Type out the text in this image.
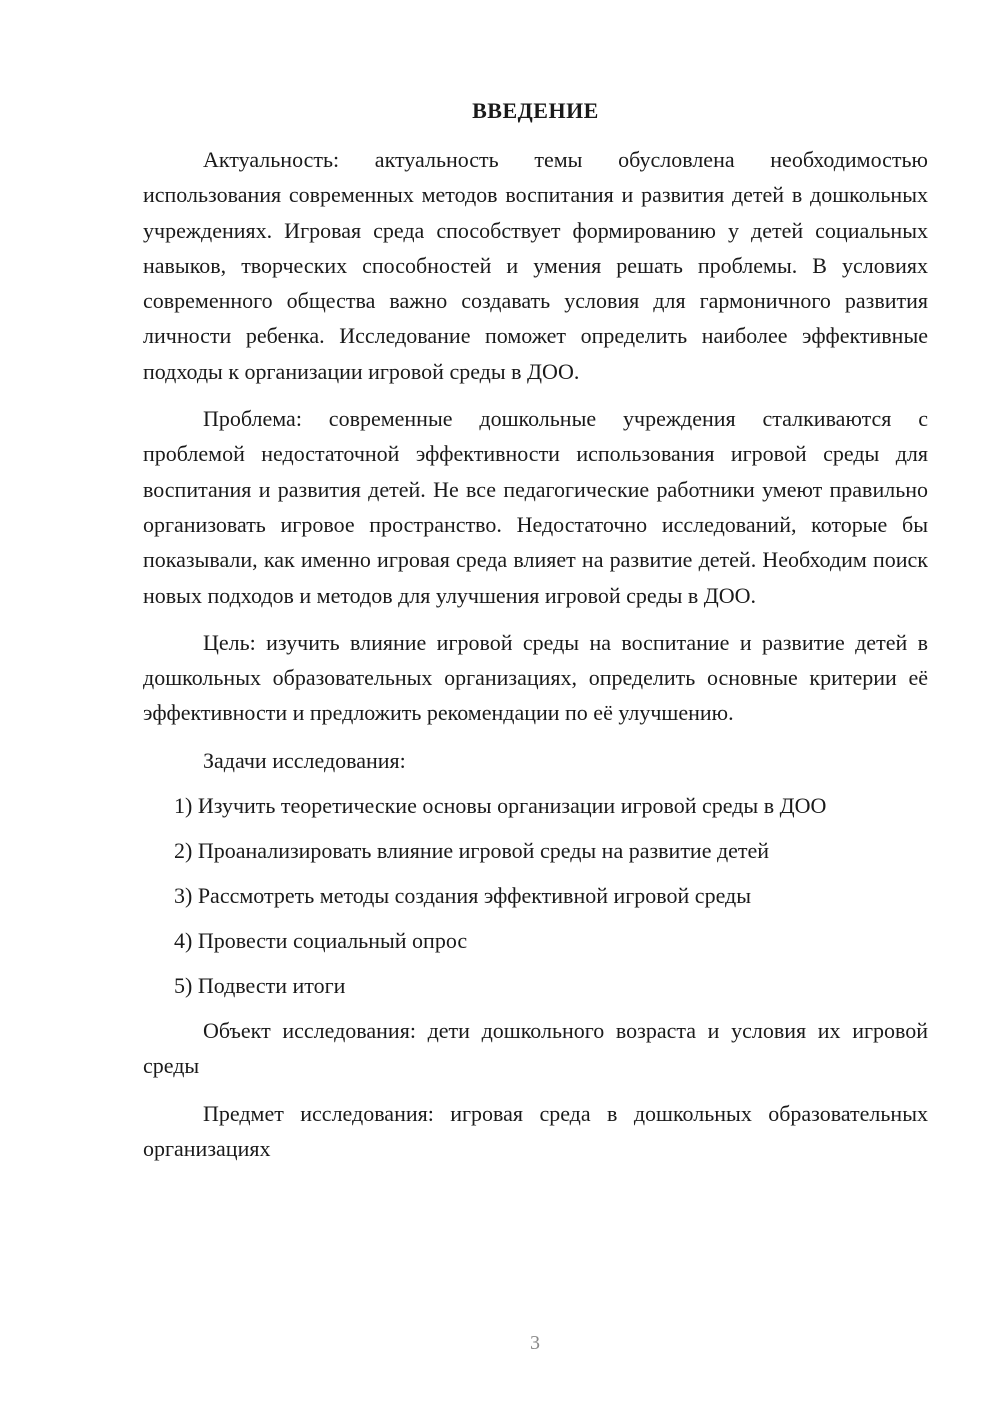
ВВЕДЕНИЕ

Актуальность: актуальность темы обусловлена необходимостью использования современных методов воспитания и развития детей в дошкольных учреждениях. Игровая среда способствует формированию у детей социальных навыков, творческих способностей и умения решать проблемы. В условиях современного общества важно создавать условия для гармоничного развития личности ребенка. Исследование поможет определить наиболее эффективные подходы к организации игровой среды в ДОО.

Проблема: современные дошкольные учреждения сталкиваются с проблемой недостаточной эффективности использования игровой среды для воспитания и развития детей. Не все педагогические работники умеют правильно организовать игровое пространство. Недостаточно исследований, которые бы показывали, как именно игровая среда влияет на развитие детей. Необходим поиск новых подходов и методов для улучшения игровой среды в ДОО.

Цель: изучить влияние игровой среды на воспитание и развитие детей в дошкольных образовательных организациях, определить основные критерии её эффективности и предложить рекомендации по её улучшению.

Задачи исследования:

1) Изучить теоретические основы организации игровой среды в ДОО

2) Проанализировать влияние игровой среды на развитие детей

3) Рассмотреть методы создания эффективной игровой среды

4) Провести социальный опрос

5) Подвести итоги

Объект исследования: дети дошкольного возраста и условия их игровой среды

Предмет исследования: игровая среда в дошкольных образовательных организациях

3
